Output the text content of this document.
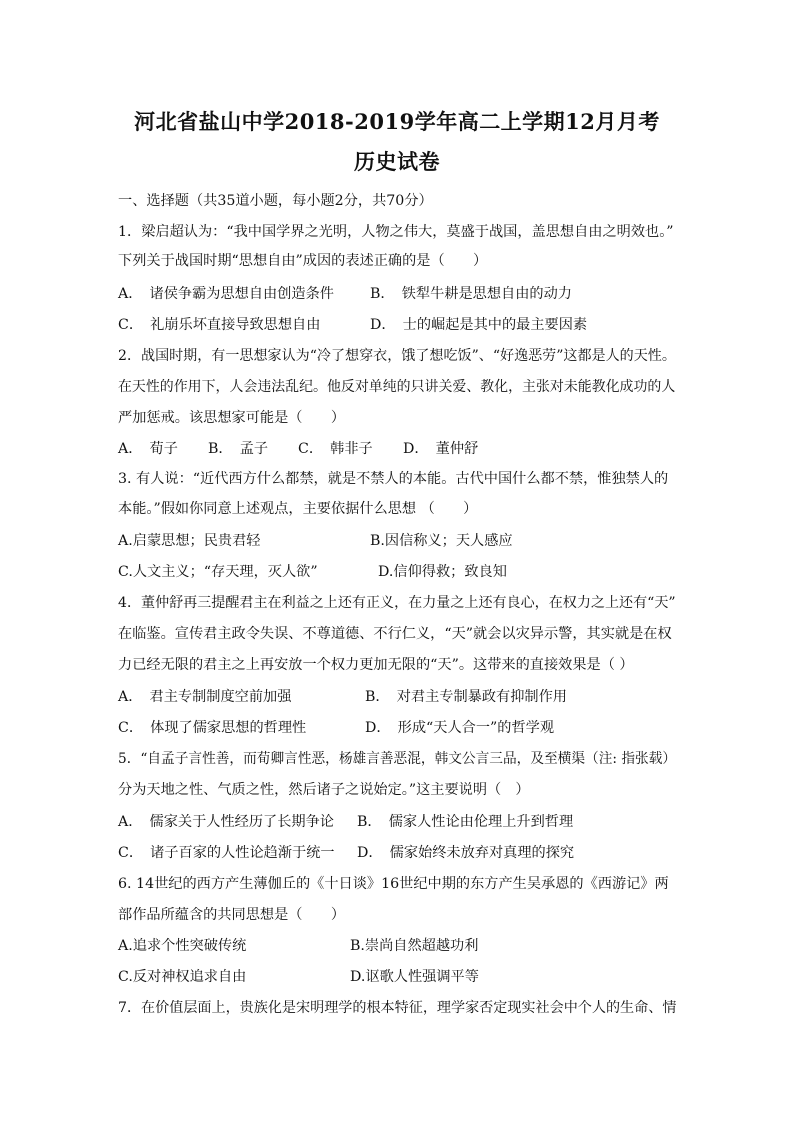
河北省盐山中学2018-2019学年高二上学期12月月考
历史试卷
一、选择题（共35道小题，每小题2分，共70分）
1．梁启超认为：“我中国学界之光明，人物之伟大，莫盛于战国，盖思想自由之明效也。”
下列关于战国时期“思想自由”成因的表述正确的是（　　）
A．　诸侯争霸为思想自由创造条件	B．　铁犁牛耕是思想自由的动力
C．　礼崩乐坏直接导致思想自由	D．　士的崛起是其中的最主要因素
2．战国时期，有一思想家认为“冷了想穿衣，饿了想吃饭”、“好逸恶劳”这都是人的天性。
在天性的作用下，人会违法乱纪。他反对单纯的只讲关爱、教化，主张对未能教化成功的人
严加惩戒。该思想家可能是（　　）
A．　荀子 B．　孟子 C．　韩非子 D．　董仲舒
3. 有人说：“近代西方什么都禁，就是不禁人的本能。古代中国什么都不禁，惟独禁人的
本能。”假如你同意上述观点，主要依据什么思想 （　　）
A.启蒙思想；民贵君轻	B.因信称义；天人感应
C.人文主义；“存天理，灭人欲”	D.信仰得救；致良知
4．董仲舒再三提醒君主在利益之上还有正义，在力量之上还有良心，在权力之上还有“天”
在临鉴。宣传君主政令失误、不尊道德、不行仁义，“天”就会以灾异示警，其实就是在权
力已经无限的君主之上再安放一个权力更加无限的“天”。这带来的直接效果是（ ）
A．　君主专制制度空前加强	B．　对君主专制暴政有抑制作用
C．　体现了儒家思想的哲理性	D．　形成“天人合一”的哲学观
5．“自孟子言性善，而荀卿言性恶，杨雄言善恶混，韩文公言三品，及至横渠（注: 指张载）
分为天地之性、气质之性，然后诸子之说始定。”这主要说明（　）
A．　儒家关于人性经历了长期争论 B．　儒家人性论由伦理上升到哲理
C．　诸子百家的人性论趋渐于统一 D．　儒家始终未放弃对真理的探究
6. 14世纪的西方产生薄伽丘的《十日谈》16世纪中期的东方产生吴承恩的《西游记》两
部作品所蕴含的共同思想是（　　）
A.追求个性突破传统	B.崇尚自然超越功利
C.反对神权追求自由	D.讴歌人性强调平等
7．在价值层面上，贵族化是宋明理学的根本特征，理学家否定现实社会中个人的生命、情
